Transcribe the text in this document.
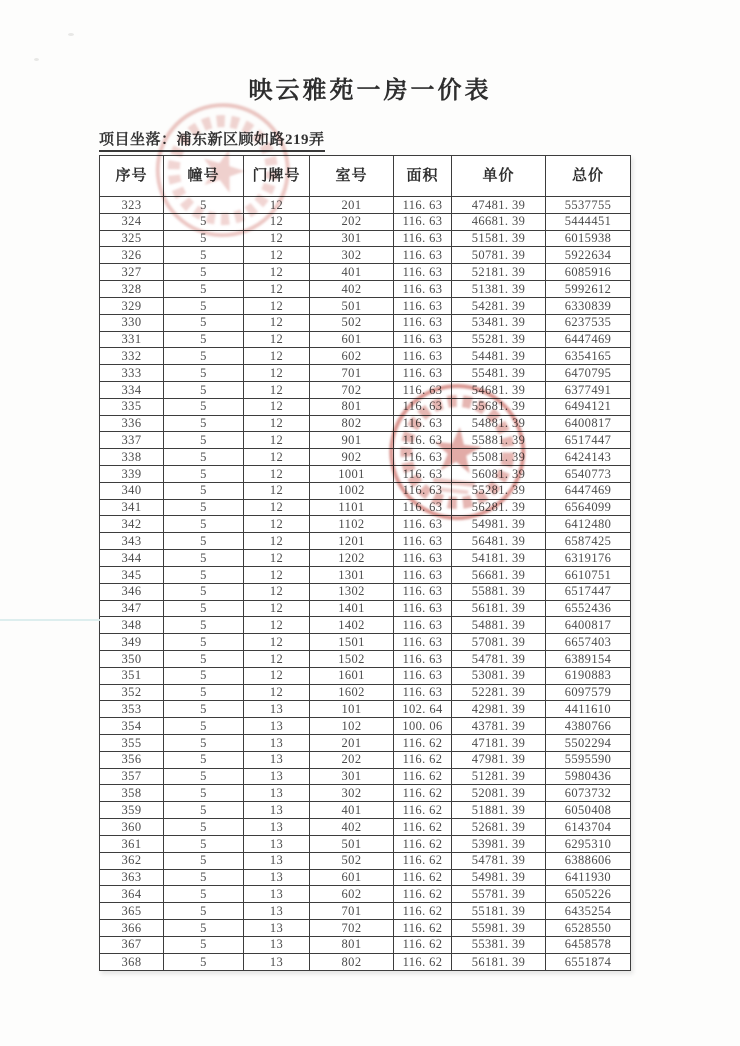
映云雅苑一房一价表
项目坐落：浦东新区顾如路219弄
序号	幢号	门牌号	室号	面积	单价	总价
323	5	12	201	116. 63	47481. 39	5537755
324	5	12	202	116. 63	46681. 39	5444451
325	5	12	301	116. 63	51581. 39	6015938
326	5	12	302	116. 63	50781. 39	5922634
327	5	12	401	116. 63	52181. 39	6085916
328	5	12	402	116. 63	51381. 39	5992612
329	5	12	501	116. 63	54281. 39	6330839
330	5	12	502	116. 63	53481. 39	6237535
331	5	12	601	116. 63	55281. 39	6447469
332	5	12	602	116. 63	54481. 39	6354165
333	5	12	701	116. 63	55481. 39	6470795
334	5	12	702	116. 63	54681. 39	6377491
335	5	12	801	116. 63	55681. 39	6494121
336	5	12	802	116. 63	54881. 39	6400817
337	5	12	901	116. 63	55881. 39	6517447
338	5	12	902	116. 63	55081. 39	6424143
339	5	12	1001	116. 63	56081. 39	6540773
340	5	12	1002	116. 63	55281. 39	6447469
341	5	12	1101	116. 63	56281. 39	6564099
342	5	12	1102	116. 63	54981. 39	6412480
343	5	12	1201	116. 63	56481. 39	6587425
344	5	12	1202	116. 63	54181. 39	6319176
345	5	12	1301	116. 63	56681. 39	6610751
346	5	12	1302	116. 63	55881. 39	6517447
347	5	12	1401	116. 63	56181. 39	6552436
348	5	12	1402	116. 63	54881. 39	6400817
349	5	12	1501	116. 63	57081. 39	6657403
350	5	12	1502	116. 63	54781. 39	6389154
351	5	12	1601	116. 63	53081. 39	6190883
352	5	12	1602	116. 63	52281. 39	6097579
353	5	13	101	102. 64	42981. 39	4411610
354	5	13	102	100. 06	43781. 39	4380766
355	5	13	201	116. 62	47181. 39	5502294
356	5	13	202	116. 62	47981. 39	5595590
357	5	13	301	116. 62	51281. 39	5980436
358	5	13	302	116. 62	52081. 39	6073732
359	5	13	401	116. 62	51881. 39	6050408
360	5	13	402	116. 62	52681. 39	6143704
361	5	13	501	116. 62	53981. 39	6295310
362	5	13	502	116. 62	54781. 39	6388606
363	5	13	601	116. 62	54981. 39	6411930
364	5	13	602	116. 62	55781. 39	6505226
365	5	13	701	116. 62	55181. 39	6435254
366	5	13	702	116. 62	55981. 39	6528550
367	5	13	801	116. 62	55381. 39	6458578
368	5	13	802	116. 62	56181. 39	6551874
